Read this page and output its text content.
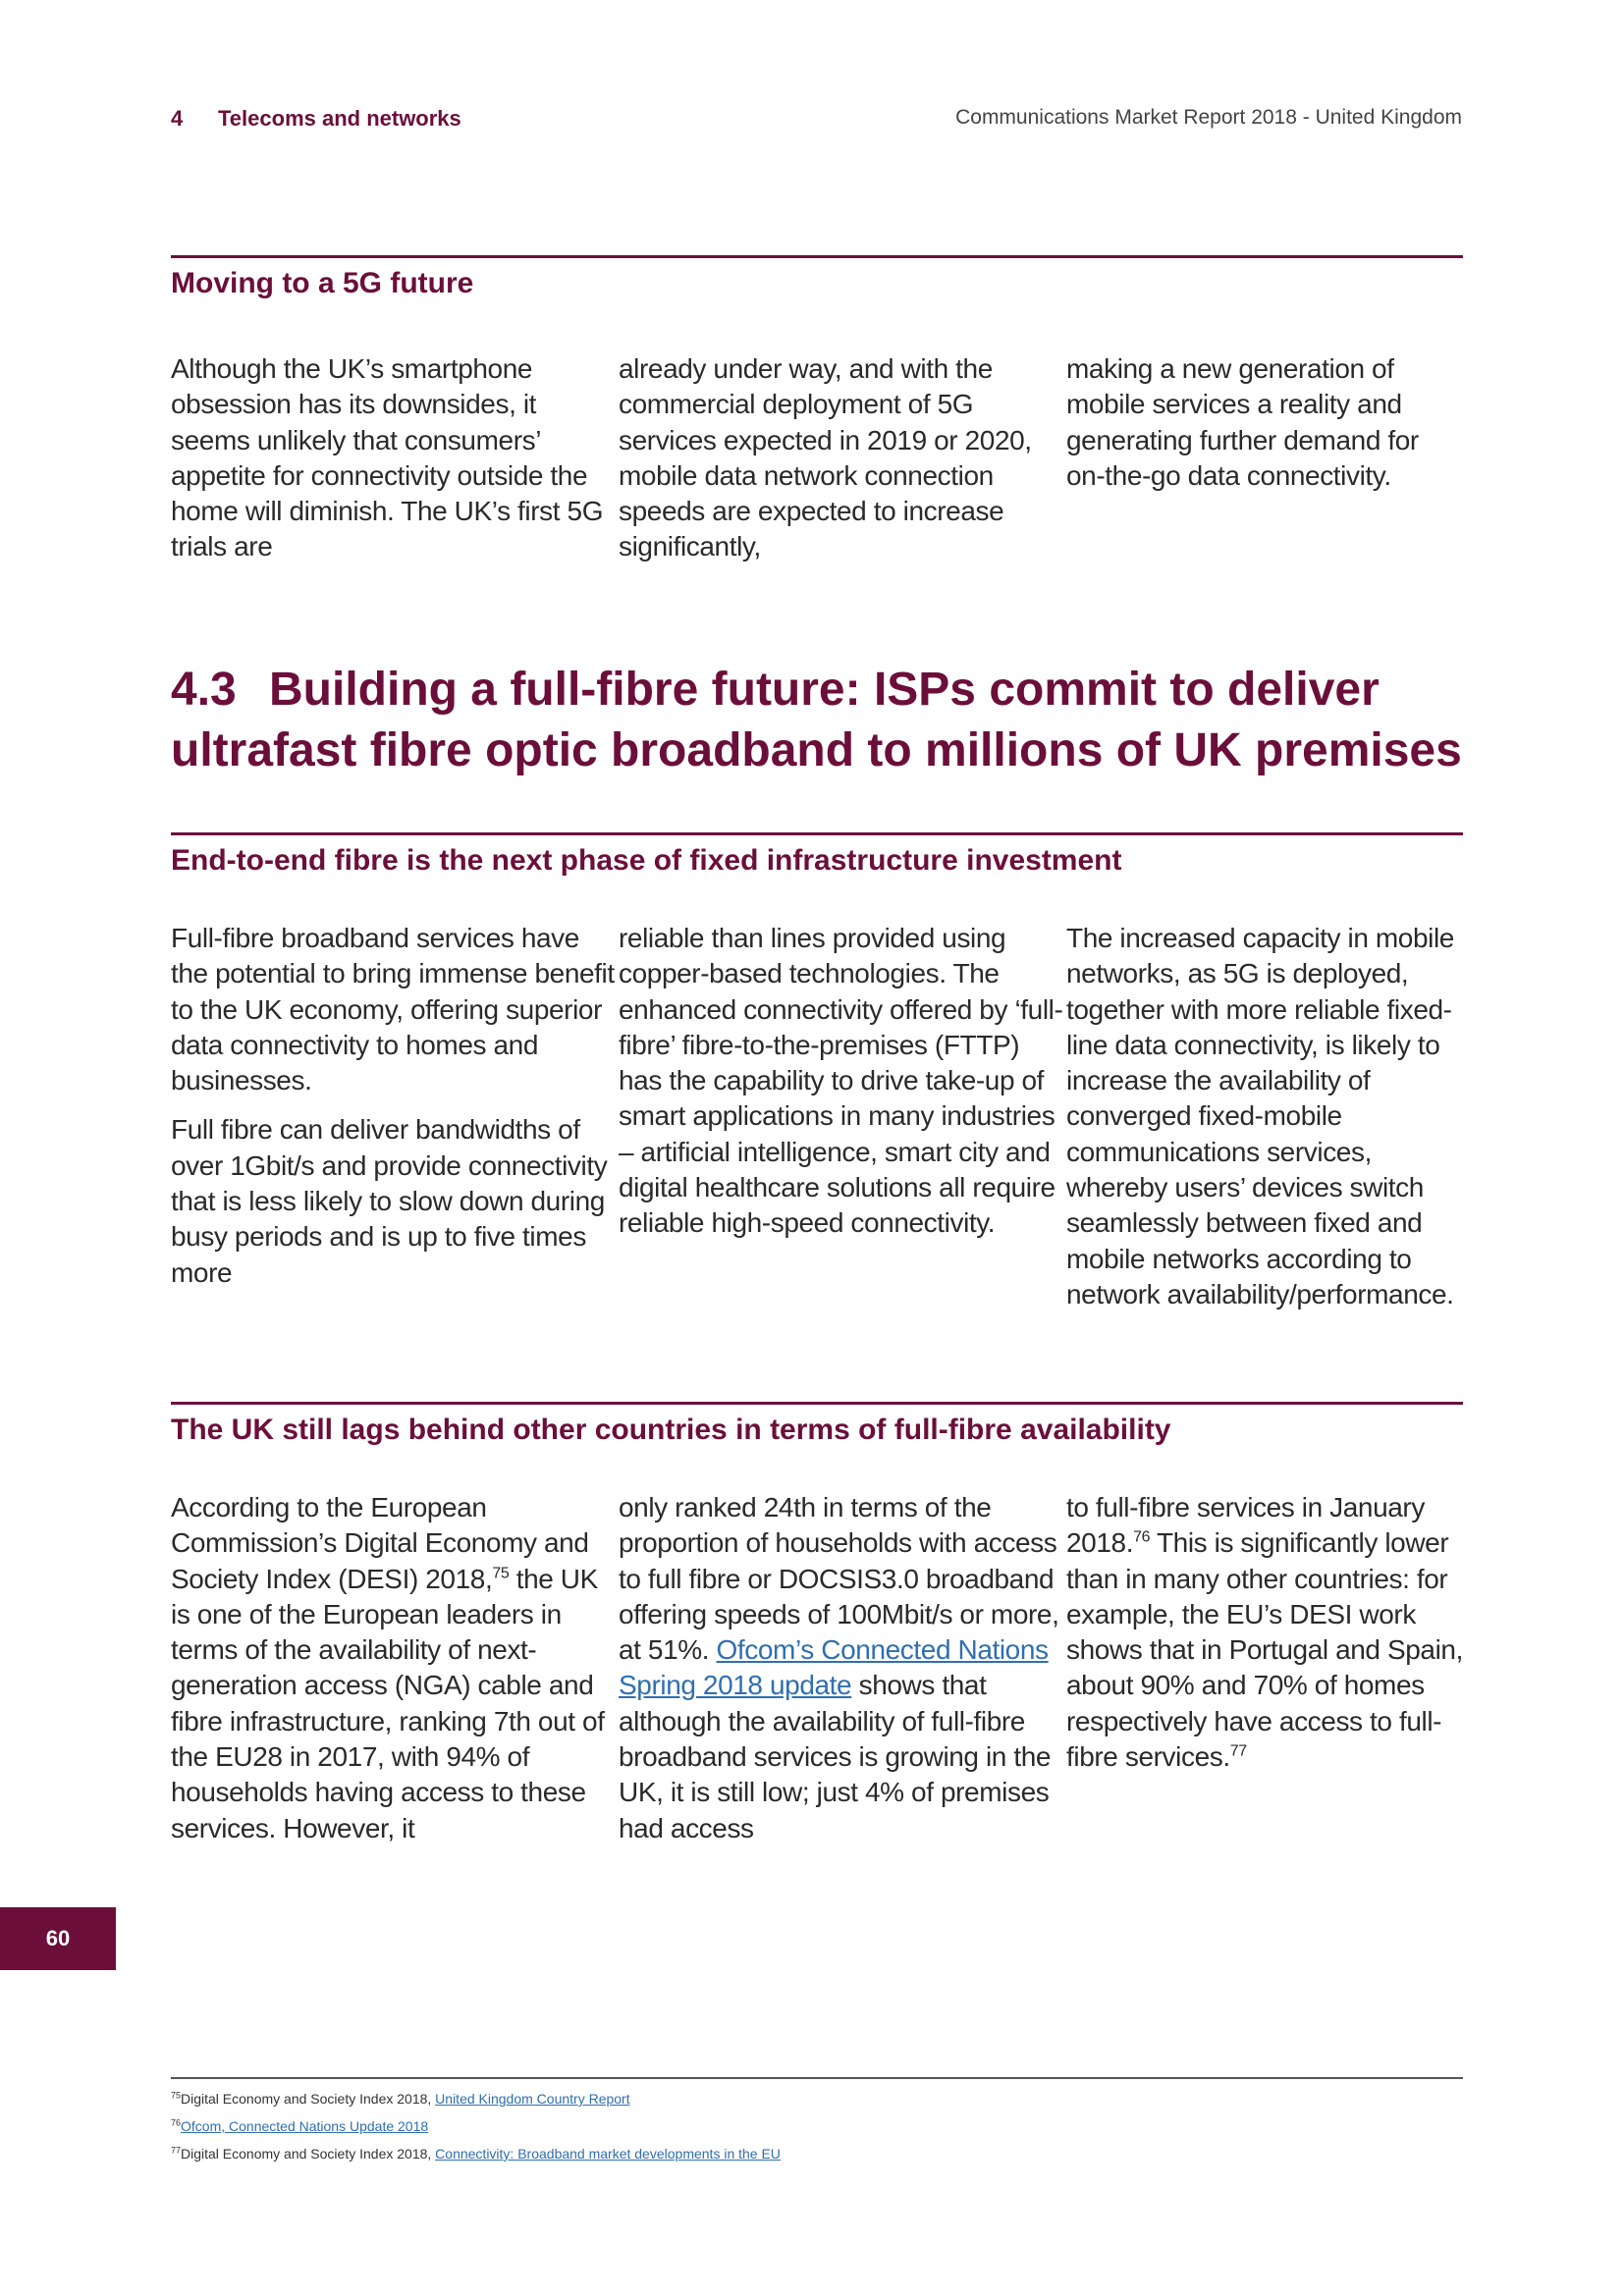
4 Telecoms and networks	Communications Market Report 2018 - United Kingdom
Moving to a 5G future

Although the UK’s smartphone obsession has its downsides, it seems unlikely that consumers’ appetite for connectivity outside the home will diminish. The UK’s first 5G trials are

already under way, and with the commercial deployment of 5G services expected in 2019 or 2020, mobile data network connection speeds are expected to increase significantly,

making a new generation of mobile services a reality and generating further demand for on-the-go data connectivity.

4.3 Building a full-fibre future: ISPs commit to deliver ultrafast fibre optic broadband to millions of UK premises
End-to-end fibre is the next phase of fixed infrastructure investment

Full-fibre broadband services have the potential to bring immense benefit to the UK economy, offering superior data connectivity to homes and businesses.

Full fibre can deliver bandwidths of over 1Gbit/s and provide connectivity that is less likely to slow down during busy periods and is up to five times more

reliable than lines provided using copper-based technologies. The enhanced connectivity offered by ‘full-fibre’ fibre-to-the-premises (FTTP) has the capability to drive take-up of smart applications in many industries – artificial intelligence, smart city and digital healthcare solutions all require reliable high-speed connectivity.

The increased capacity in mobile networks, as 5G is deployed, together with more reliable fixed-line data connectivity, is likely to increase the availability of converged fixed-mobile communications services, whereby users’ devices switch seamlessly between fixed and mobile networks according to network availability/performance.

The UK still lags behind other countries in terms of full-fibre availability

According to the European Commission’s Digital Economy and Society Index (DESI) 2018,75 the UK is one of the European leaders in terms of the availability of next-generation access (NGA) cable and fibre infrastructure, ranking 7th out of the EU28 in 2017, with 94% of households having access to these services. However, it

only ranked 24th in terms of the proportion of households with access to full fibre or DOCSIS3.0 broadband offering speeds of 100Mbit/s or more, at 51%. Ofcom’s Connected Nations Spring 2018 update shows that although the availability of full-fibre broadband services is growing in the UK, it is still low; just 4% of premises had access

to full-fibre services in January 2018.76 This is significantly lower than in many other countries: for example, the EU’s DESI work shows that in Portugal and Spain, about 90% and 70% of homes respectively have access to full-fibre services.$^{77}$

60
$^{75}$Digital Economy and Society Index 2018, United Kingdom Country Report
$^{76}$Ofcom, Connected Nations Update 2018
$^{77}$Digital Economy and Society Index 2018, Connectivity: Broadband market developments in the EU
